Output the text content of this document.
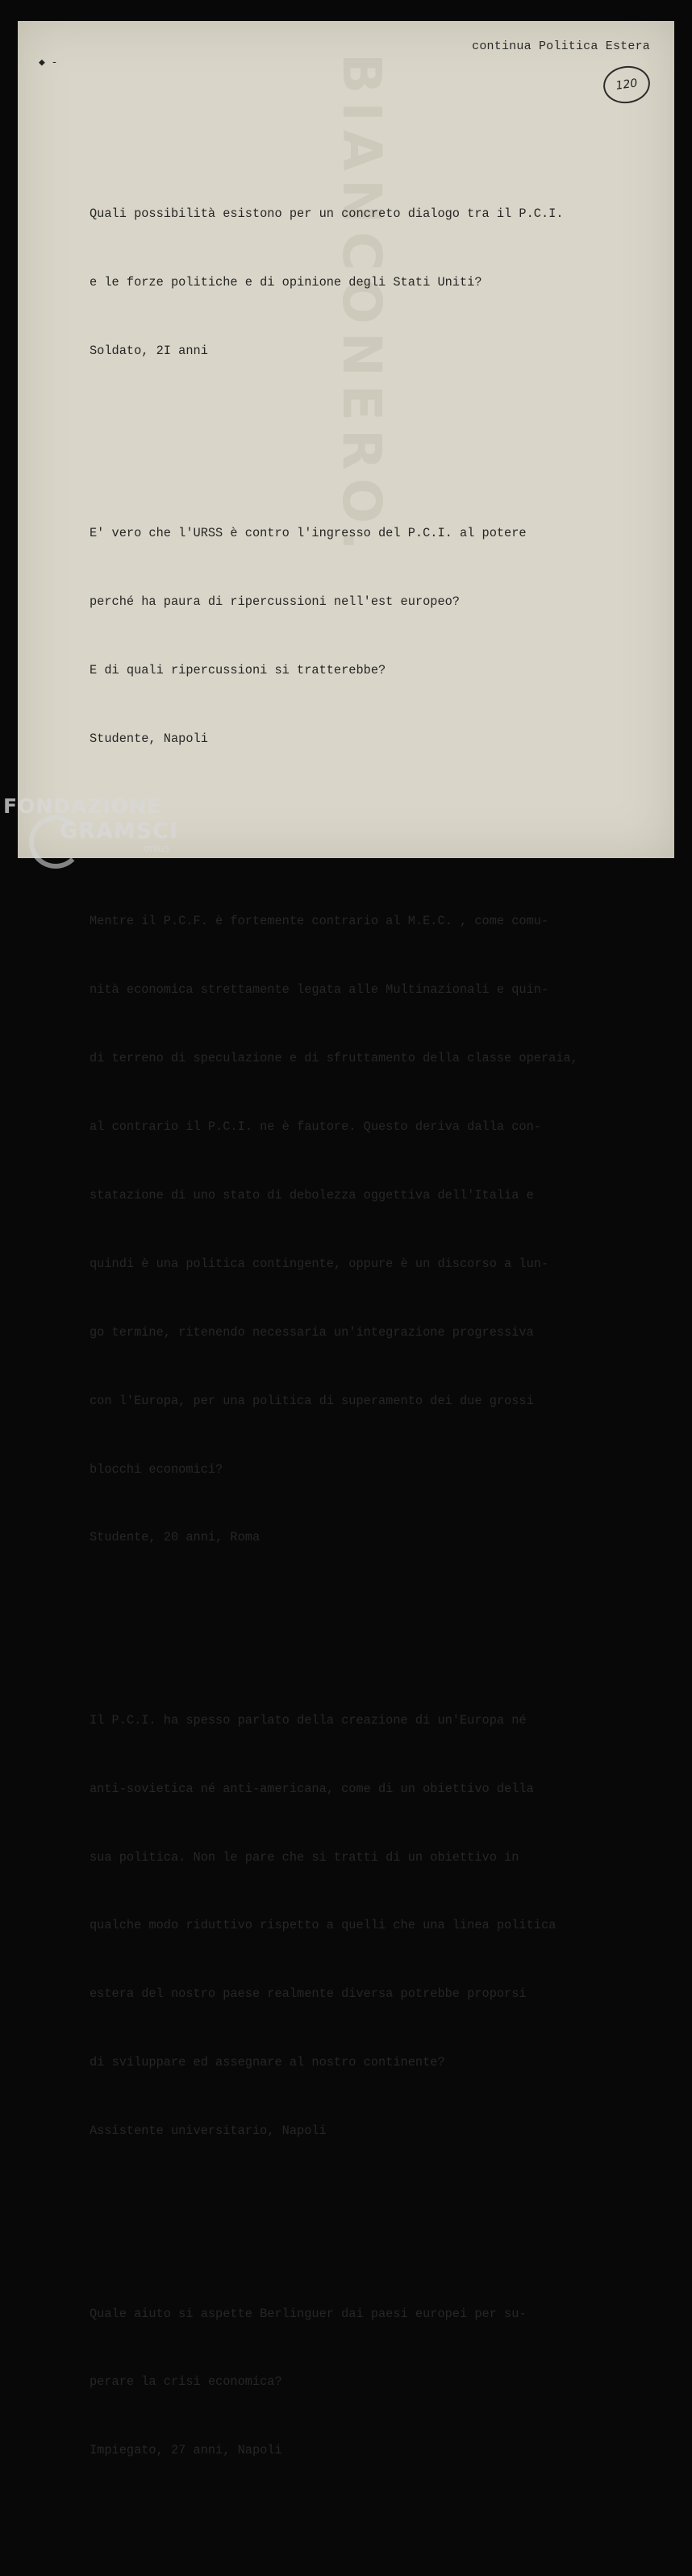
BIANCONERO.
◆ -
continua Politica Estera
120

Quali possibilità esistono per un concreto dialogo tra il P.C.I.

e le forze politiche e di opinione degli Stati Uniti?

Soldato, 2I anni

E' vero che l'URSS è contro l'ingresso del P.C.I. al potere

perché ha paura di ripercussioni nell'est europeo?

E di quali ripercussioni si tratterebbe?

Studente, Napoli

Mentre il P.C.F. è fortemente contrario al M.E.C. , come comu-

nità economica strettamente legata alle Multinazionali e quin-

di terreno di speculazione e di sfruttamento della classe operaia,

al contrario il P.C.I. ne è fautore. Questo deriva dalla con-

statazione di uno stato di debolezza oggettiva dell'Italia e

quindi è una politica contingente, oppure è un discorso a lun-

go termine, ritenendo necessaria un'integrazione progressiva

con l'Europa, per una politica di superamento dei due grossi

blocchi economici?

Studente, 20 anni, Roma

Il P.C.I. ha spesso parlato della creazione di un'Europa né

anti-sovietica né anti-americana, come di un obiettivo della

sua politica. Non le pare che si tratti di un obiettivo in

qualche modo riduttivo rispetto a quelli che una linea politica

estera del nostro paese realmente diversa potrebbe proporsi

di sviluppare ed assegnare al nostro continente?

Assistente universitario, Napoli

Quale aiuto si aspette Berlinguer dai paesi europei per su-

perare la crisi economica?

Impiegato, 27 anni, Napoli

FONDAZIONE
GRAMSCI
onlus
